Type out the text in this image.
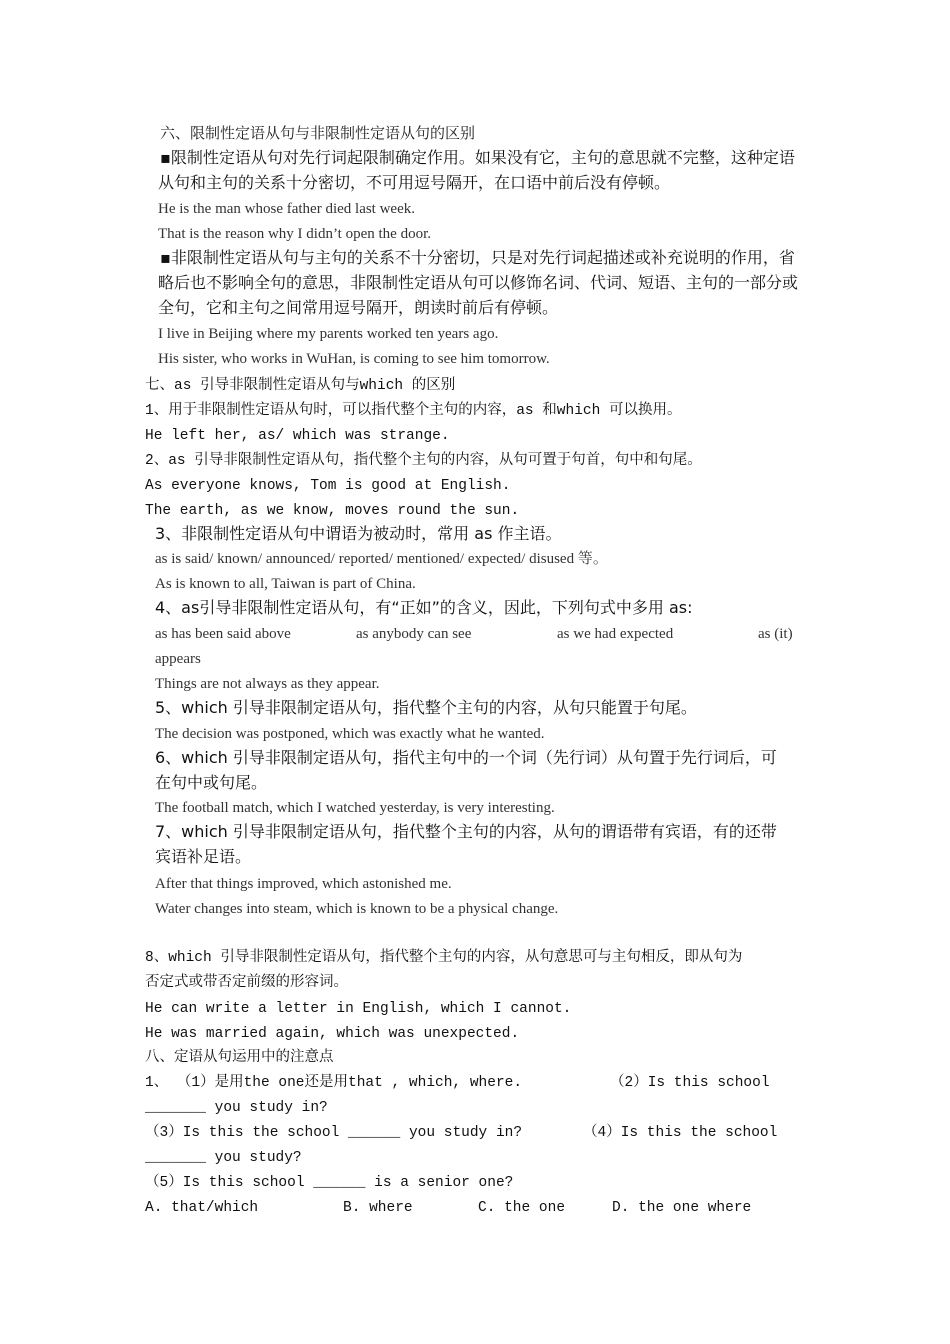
六、限制性定语从句与非限制性定语从句的区别
▪限制性定语从句对先行词起限制确定作用。如果没有它，主句的意思就不完整，这种定语
从句和主句的关系十分密切，不可用逗号隔开，在口语中前后没有停顿。
He is the man whose father died last week.
That is the reason why I didn’t open the door.
▪非限制性定语从句与主句的关系不十分密切，只是对先行词起描述或补充说明的作用，省
略后也不影响全句的意思，非限制性定语从句可以修饰名词、代词、短语、主句的一部分或
全句，它和主句之间常用逗号隔开，朗读时前后有停顿。
I live in Beijing where my parents worked ten years ago.
His sister, who works in WuHan, is coming to see him tomorrow.
七、as 引导非限制性定语从句与which 的区别
1、用于非限制性定语从句时，可以指代整个主句的内容，as 和which 可以换用。
He left her, as/ which was strange.
2、as 引导非限制性定语从句，指代整个主句的内容，从句可置于句首，句中和句尾。
As everyone knows, Tom is good at English.
The earth, as we know, moves round the sun.
3、非限制性定语从句中谓语为被动时，常用 as 作主语。
as is said/ known/ announced/ reported/ mentioned/ expected/ disused 等。
As is known to all, Taiwan is part of China.
4、as引导非限制性定语从句，有“正如”的含义，因此，下列句式中多用 as:
as has been said above	as anybody can see	as we had expected	as (it)
appears
Things are not always as they appear.
5、which 引导非限制定语从句，指代整个主句的内容，从句只能置于句尾。
The decision was postponed, which was exactly what he wanted.
6、which 引导非限制定语从句，指代主句中的一个词（先行词）从句置于先行词后，可
在句中或句尾。
The football match, which I watched yesterday, is very interesting.
7、which 引导非限制定语从句，指代整个主句的内容，从句的谓语带有宾语，有的还带
宾语补足语。
After that things improved, which astonished me.
Water changes into steam, which is known to be a physical change.
8、which 引导非限制性定语从句，指代整个主句的内容，从句意思可与主句相反，即从句为
否定式或带否定前缀的形容词。
He can write a letter in English, which I cannot.
He was married again, which was unexpected.
八、定语从句运用中的注意点
1、 （1）是用the one还是用that , which, where.	（2）Is this school
_______ you study in?
（3）Is this the school ______ you study in?	（4）Is this the school
_______ you study?
（5）Is this school ______ is a senior one?
A. that/which	B. where	C. the one	D. the one where
